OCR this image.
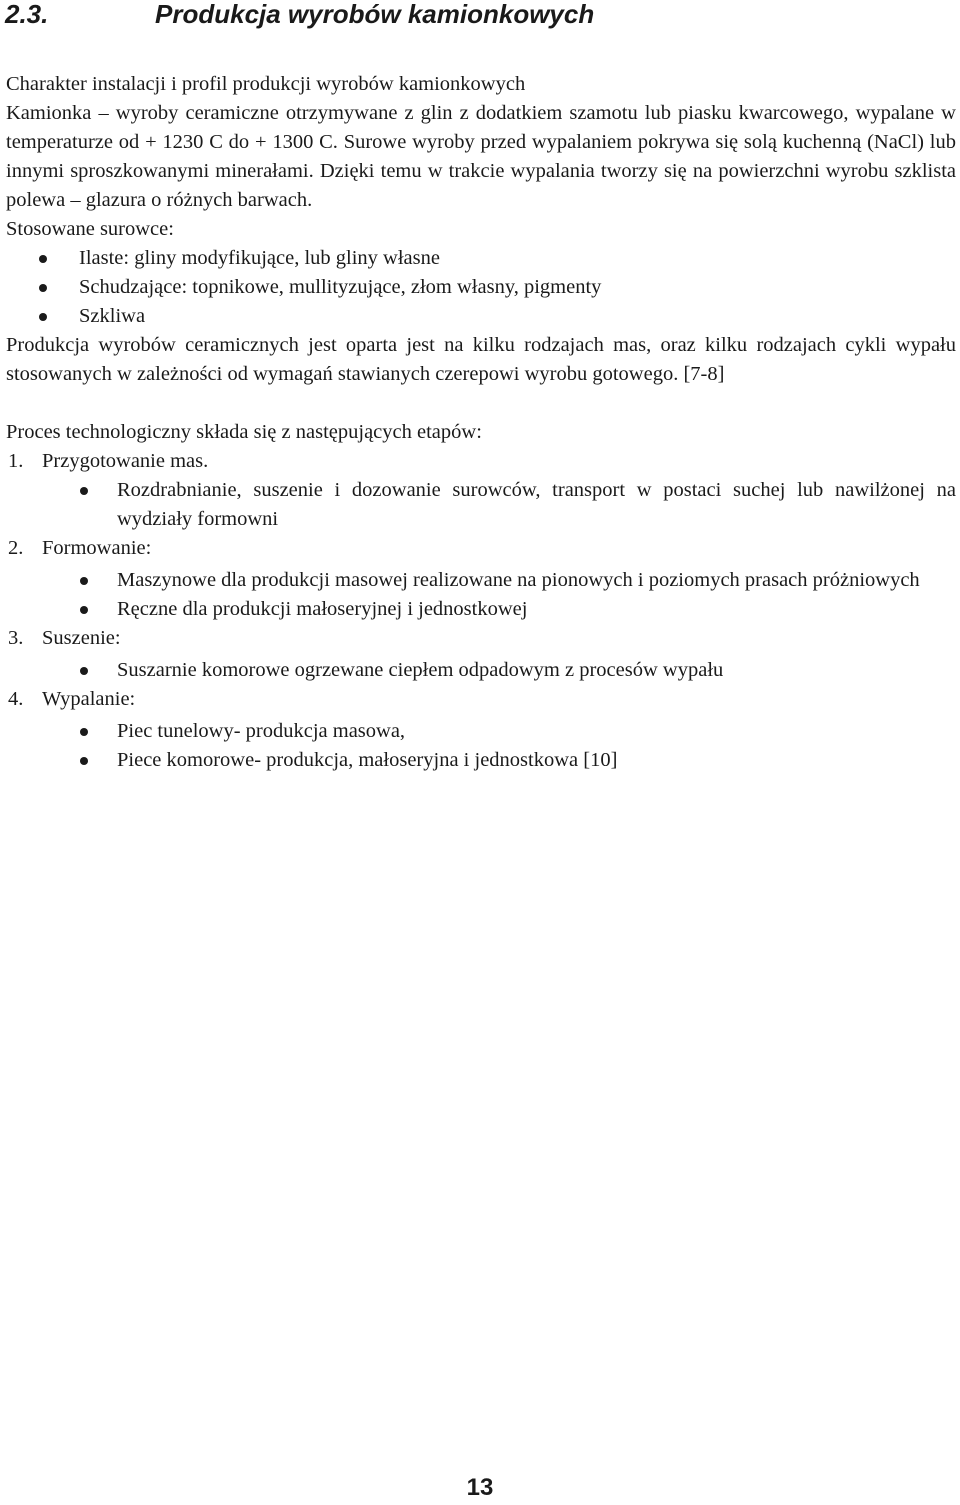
2.3.	Produkcja wyrobów kamionkowych

Charakter instalacji i profil produkcji wyrobów kamionkowych

Kamionka – wyroby ceramiczne otrzymywane z glin z dodatkiem szamotu lub piasku kwarcowego, wypalane w temperaturze od + 1230 C do + 1300 C. Surowe wyroby przed wypalaniem pokrywa się solą kuchenną (NaCl) lub innymi sproszkowanymi minerałami. Dzięki temu w trakcie wypalania tworzy się na powierzchni wyrobu szklista polewa – glazura o różnych barwach.

Stosowane surowce:

Ilaste: gliny modyfikujące, lub gliny własne
Schudzające: topnikowe, mullityzujące, złom własny, pigmenty
Szkliwa

Produkcja wyrobów ceramicznych jest oparta jest na kilku rodzajach mas, oraz kilku rodzajach cykli wypału stosowanych w zależności od wymagań stawianych czerepowi wyrobu gotowego. [7-8]

Proces technologiczny składa się z następujących etapów:

1. Przygotowanie mas.
Rozdrabnianie, suszenie i dozowanie surowców, transport w postaci suchej lub nawilżonej na wydziały formowni
2. Formowanie:
Maszynowe dla produkcji masowej realizowane na pionowych i poziomych prasach próżniowych
Ręczne dla produkcji małoseryjnej i jednostkowej
3. Suszenie:
Suszarnie komorowe ogrzewane ciepłem odpadowym z procesów wypału
4. Wypalanie:
Piec tunelowy- produkcja masowa,
Piece komorowe- produkcja, małoseryjna i jednostkowa [10]
13
